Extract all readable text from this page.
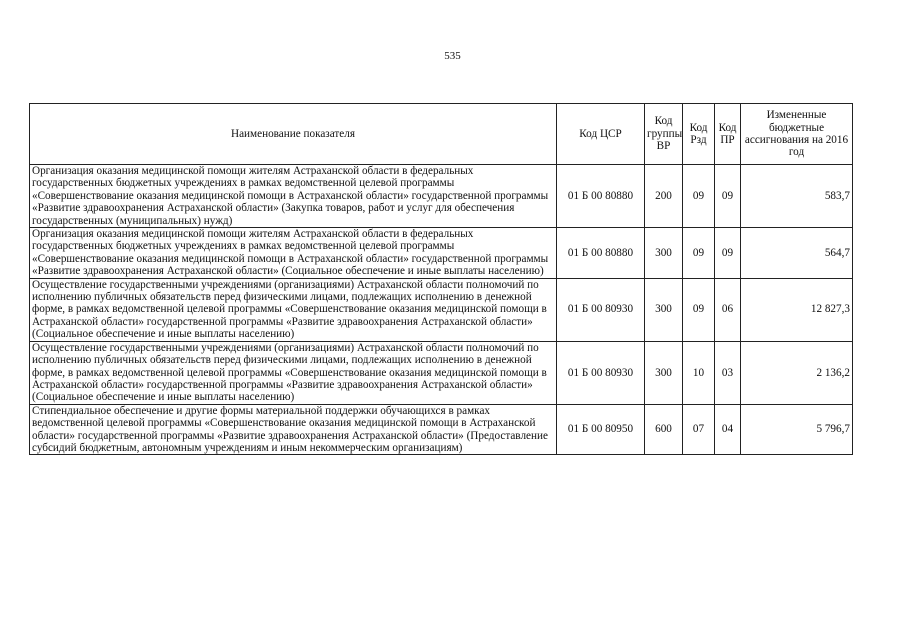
535
Наименование показателя	Код ЦСР	Код группы ВР	Код Рзд	Код ПР	Измененные бюджетные ассигнования на 2016 год
Организация оказания медицинской помощи жителям Астраханской области в федеральных государственных бюджетных учреждениях в рамках ведомственной целевой программы «Совершенствование оказания медицинской помощи в Астраханской области» государственной программы «Развитие здравоохранения Астраханской области» (Закупка товаров, работ и услуг для обеспечения государственных (муниципальных) нужд)	01 Б 00 80880	200	09	09	583,7
Организация оказания медицинской помощи жителям Астраханской области в федеральных государственных бюджетных учреждениях в рамках ведомственной целевой программы «Совершенствование оказания медицинской помощи в Астраханской области» государственной программы «Развитие здравоохранения Астраханской области» (Социальное обеспечение и иные выплаты населению)	01 Б 00 80880	300	09	09	564,7
Осуществление государственными учреждениями (организациями) Астраханской области полномочий по исполнению публичных обязательств перед физическими лицами, подлежащих исполнению в денежной форме, в рамках ведомственной целевой программы «Совершенствование оказания медицинской помощи в Астраханской области» государственной программы «Развитие здравоохранения Астраханской области» (Социальное обеспечение и иные выплаты населению)	01 Б 00 80930	300	09	06	12 827,3
Осуществление государственными учреждениями (организациями) Астраханской области полномочий по исполнению публичных обязательств перед физическими лицами, подлежащих исполнению в денежной форме, в рамках ведомственной целевой программы «Совершенствование оказания медицинской помощи в Астраханской области» государственной программы «Развитие здравоохранения Астраханской области» (Социальное обеспечение и иные выплаты населению)	01 Б 00 80930	300	10	03	2 136,2
Стипендиальное обеспечение и другие формы материальной поддержки обучающихся в рамках ведомственной целевой программы «Совершенствование оказания медицинской помощи в Астраханской области» государственной программы «Развитие здравоохранения Астраханской области» (Предоставление субсидий бюджетным, автономным учреждениям и иным некоммерческим организациям)	01 Б 00 80950	600	07	04	5 796,7
